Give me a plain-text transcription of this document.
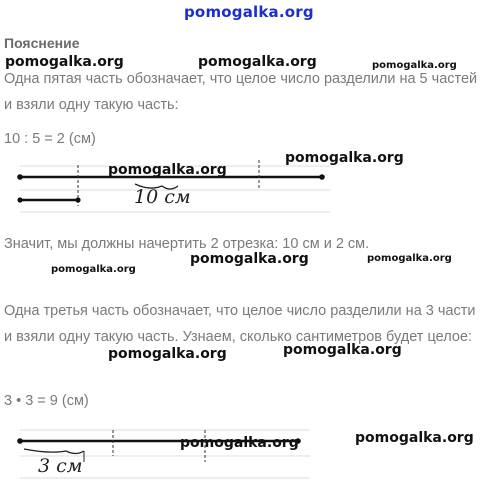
pomogalka.org
Пояснение
Одна пятая часть обозначает, что целое число разделили на 5 частей и взяли одну такую часть:
10 : 5 = 2 (см)
Значит, мы должны начертить 2 отрезка: 10 см и 2 см.
Одна третья часть обозначает, что целое число разделили на 3 части и взяли одну такую часть. Узнаем, сколько сантиметров будет целое:
3 • 3 = 9 (см)
10 см
3 см
pomogalka.org	pomogalka.org	pomogalka.org
pomogalka.org
pomogalka.org
pomogalka.org	pomogalka.org
pomogalka.org
pomogalka.org
pomogalka.org
pomogalka.org
pomogalka.org
